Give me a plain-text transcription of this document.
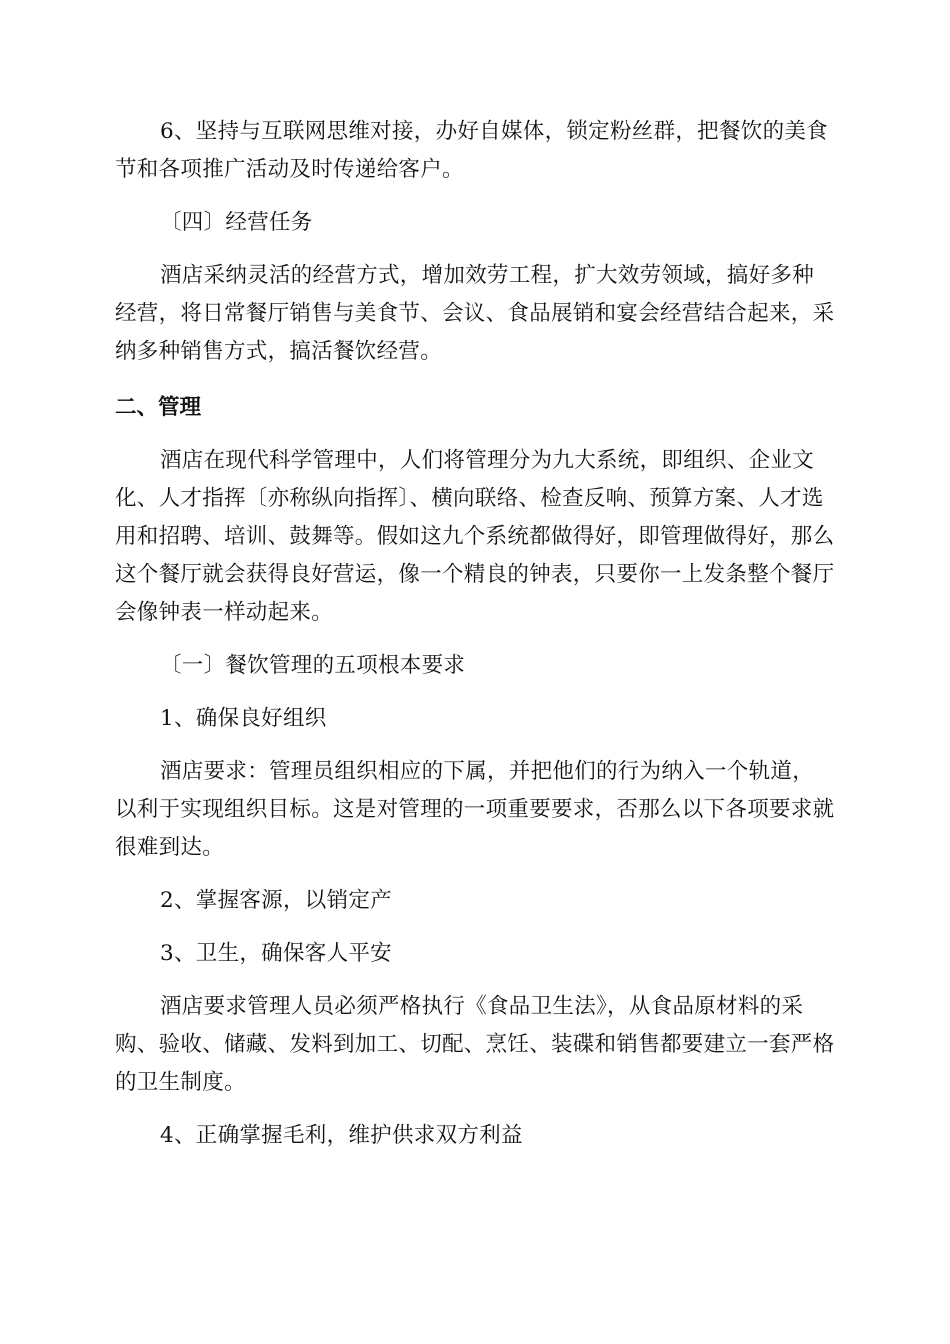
6、坚持与互联网思维对接，办好自媒体，锁定粉丝群，把餐饮的美食节和各项推广活动及时传递给客户。

〔四〕经营任务

酒店采纳灵活的经营方式，增加效劳工程，扩大效劳领域，搞好多种经营，将日常餐厅销售与美食节、会议、食品展销和宴会经营结合起来，采纳多种销售方式，搞活餐饮经营。

二、管理

酒店在现代科学管理中，人们将管理分为九大系统，即组织、企业文化、人才指挥〔亦称纵向指挥〕、横向联络、检查反响、预算方案、人才选用和招聘、培训、鼓舞等。假如这九个系统都做得好，即管理做得好，那么这个餐厅就会获得良好营运，像一个精良的钟表，只要你一上发条整个餐厅会像钟表一样动起来。

〔一〕餐饮管理的五项根本要求

1、确保良好组织

酒店要求：管理员组织相应的下属，并把他们的行为纳入一个轨道，以利于实现组织目标。这是对管理的一项重要要求，否那么以下各项要求就很难到达。

2、掌握客源，以销定产

3、卫生，确保客人平安

酒店要求管理人员必须严格执行《食品卫生法》，从食品原材料的采购、验收、储藏、发料到加工、切配、烹饪、装碟和销售都要建立一套严格的卫生制度。

4、正确掌握毛利，维护供求双方利益
